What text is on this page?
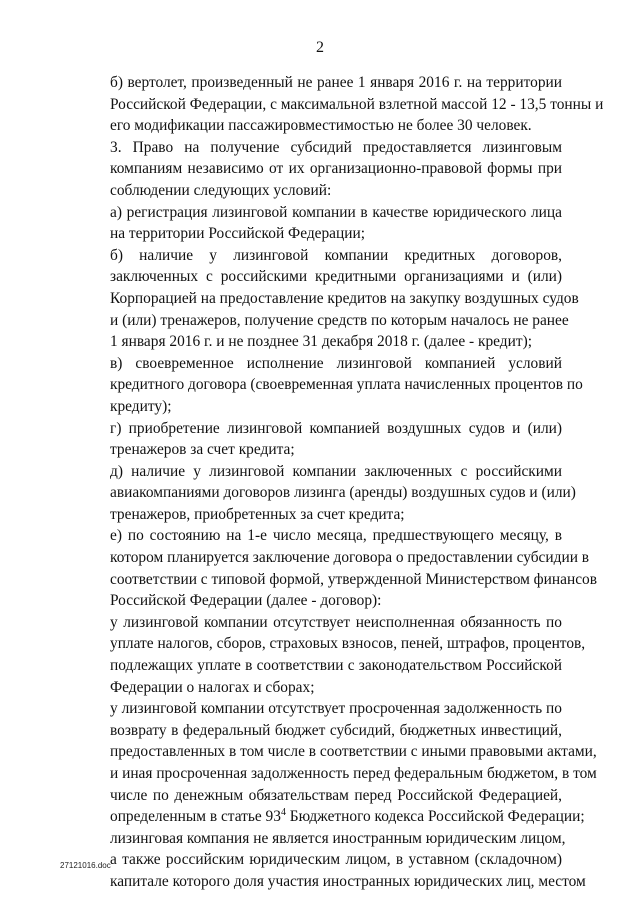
2

б) вертолет, произведенный не ранее 1 января 2016 г. на территории
Российской Федерации, с максимальной взлетной массой 12 - 13,5 тонны и
его модификации пассажировместимостью не более 30 человек.

3. Право на получение субсидий предоставляется лизинговым
компаниям независимо от их организационно-правовой формы при
соблюдении следующих условий:

а) регистрация лизинговой компании в качестве юридического лица
на территории Российской Федерации;

б) наличие у лизинговой компании кредитных договоров,
заключенных с российскими кредитными организациями и (или)
Корпорацией на предоставление кредитов на закупку воздушных судов
и (или) тренажеров, получение средств по которым началось не ранее
1 января 2016 г. и не позднее 31 декабря 2018 г. (далее - кредит);

в) своевременное исполнение лизинговой компанией условий
кредитного договора (своевременная уплата начисленных процентов по
кредиту);

г) приобретение лизинговой компанией воздушных судов и (или)
тренажеров за счет кредита;

д) наличие у лизинговой компании заключенных с российскими
авиакомпаниями договоров лизинга (аренды) воздушных судов и (или)
тренажеров, приобретенных за счет кредита;

е) по состоянию на 1-е число месяца, предшествующего месяцу, в
котором планируется заключение договора о предоставлении субсидии в
соответствии с типовой формой, утвержденной Министерством финансов
Российской Федерации (далее - договор):

у лизинговой компании отсутствует неисполненная обязанность по
уплате налогов, сборов, страховых взносов, пеней, штрафов, процентов,
подлежащих уплате в соответствии с законодательством Российской
Федерации о налогах и сборах;

у лизинговой компании отсутствует просроченная задолженность по
возврату в федеральный бюджет субсидий, бюджетных инвестиций,
предоставленных в том числе в соответствии с иными правовыми актами,
и иная просроченная задолженность перед федеральным бюджетом, в том
числе по денежным обязательствам перед Российской Федерацией,
определенным в статье $93^4$ Бюджетного кодекса Российской Федерации;

лизинговая компания не является иностранным юридическим лицом,
а также российским юридическим лицом, в уставном (складочном)
капитале которого доля участия иностранных юридических лиц, местом

27121016.doc
